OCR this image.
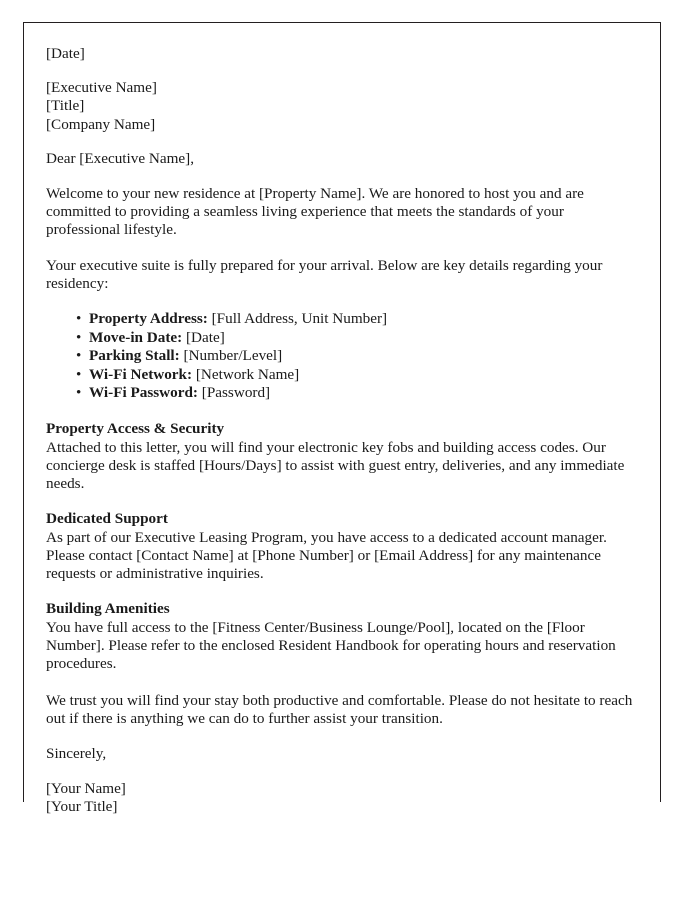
[Date]
[Executive Name]
[Title]
[Company Name]
Dear [Executive Name],

Welcome to your new residence at [Property Name]. We are honored to host you and are committed to providing a seamless living experience that meets the standards of your professional lifestyle.

Your executive suite is fully prepared for your arrival. Below are key details regarding your residency:

• Property Address: [Full Address, Unit Number]
• Move-in Date: [Date]
• Parking Stall: [Number/Level]
• Wi-Fi Network: [Network Name]
• Wi-Fi Password: [Password]
Property Access & Security

Attached to this letter, you will find your electronic key fobs and building access codes. Our concierge desk is staffed [Hours/Days] to assist with guest entry, deliveries, and any immediate needs.

Dedicated Support

As part of our Executive Leasing Program, you have access to a dedicated account manager. Please contact [Contact Name] at [Phone Number] or [Email Address] for any maintenance requests or administrative inquiries.

Building Amenities

You have full access to the [Fitness Center/Business Lounge/Pool], located on the [Floor Number]. Please refer to the enclosed Resident Handbook for operating hours and reservation procedures.

We trust you will find your stay both productive and comfortable. Please do not hesitate to reach out if there is anything we can do to further assist your transition.

Sincerely,
[Your Name]
[Your Title]
